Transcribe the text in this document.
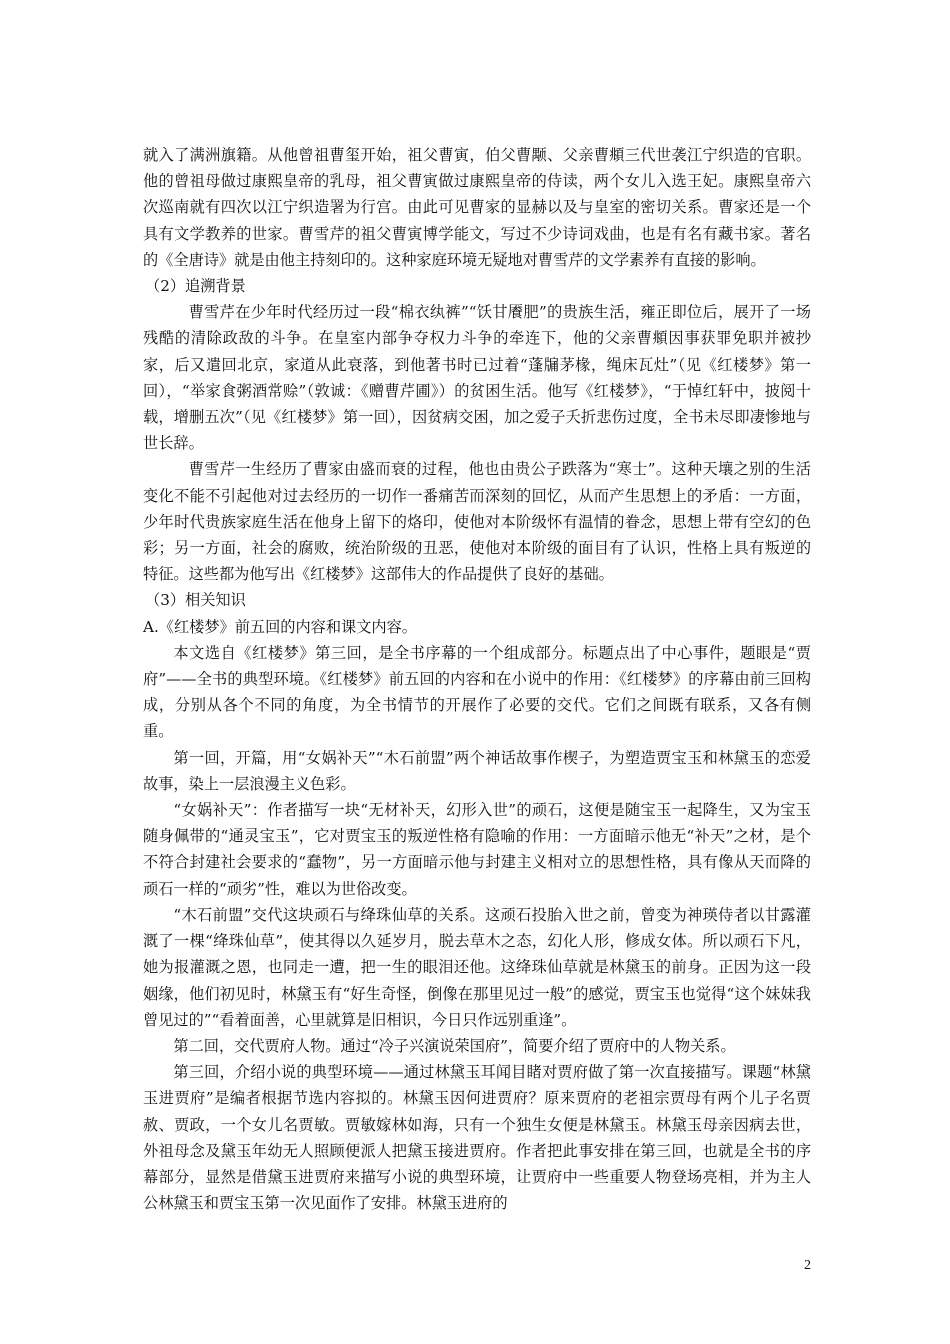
就入了满洲旗籍。从他曾祖曹玺开始，祖父曹寅，伯父曹颙、父亲曹頫三代世袭江宁织造的官职。他的曾祖母做过康熙皇帝的乳母，祖父曹寅做过康熙皇帝的侍读，两个女儿入选王妃。康熙皇帝六次巡南就有四次以江宁织造署为行宫。由此可见曹家的显赫以及与皇室的密切关系。曹家还是一个具有文学教养的世家。曹雪芹的祖父曹寅博学能文，写过不少诗词戏曲，也是有名有藏书家。著名的《全唐诗》就是由他主持刻印的。这种家庭环境无疑地对曹雪芹的文学素养有直接的影响。

（2）追溯背景

曹雪芹在少年时代经历过一段“棉衣纨裤”“饫甘餍肥”的贵族生活，雍正即位后，展开了一场残酷的清除政敌的斗争。在皇室内部争夺权力斗争的牵连下，他的父亲曹頫因事获罪免职并被抄家，后又遣回北京，家道从此衰落，到他著书时已过着“蓬牖茅椽，绳床瓦灶”（见《红楼梦》第一回），“举家食粥酒常赊”（敦诚：《赠曹芹圃》）的贫困生活。他写《红楼梦》，“于悼红轩中，披阅十载，增删五次”（见《红楼梦》第一回），因贫病交困，加之爱子夭折悲伤过度，全书未尽即凄惨地与世长辞。

曹雪芹一生经历了曹家由盛而衰的过程，他也由贵公子跌落为“寒士”。这种天壤之别的生活变化不能不引起他对过去经历的一切作一番痛苦而深刻的回忆，从而产生思想上的矛盾：一方面，少年时代贵族家庭生活在他身上留下的烙印，使他对本阶级怀有温情的眷念，思想上带有空幻的色彩；另一方面，社会的腐败，统治阶级的丑恶，使他对本阶级的面目有了认识，性格上具有叛逆的特征。这些都为他写出《红楼梦》这部伟大的作品提供了良好的基础。

（3）相关知识

A.《红楼梦》前五回的内容和课文内容。

本文选自《红楼梦》第三回，是全书序幕的一个组成部分。标题点出了中心事件，题眼是“贾府”——全书的典型环境。《红楼梦》前五回的内容和在小说中的作用：《红楼梦》的序幕由前三回构成，分别从各个不同的角度，为全书情节的开展作了必要的交代。它们之间既有联系，又各有侧重。

第一回，开篇，用“女娲补天”“木石前盟”两个神话故事作楔子，为塑造贾宝玉和林黛玉的恋爱故事，染上一层浪漫主义色彩。

“女娲补天”：作者描写一块“无材补天，幻形入世”的顽石，这便是随宝玉一起降生，又为宝玉随身佩带的“通灵宝玉”，它对贾宝玉的叛逆性格有隐喻的作用：一方面暗示他无“补天”之材，是个不符合封建社会要求的“蠢物”，另一方面暗示他与封建主义相对立的思想性格，具有像从天而降的顽石一样的“顽劣”性，难以为世俗改变。

“木石前盟”交代这块顽石与绛珠仙草的关系。这顽石投胎入世之前，曾变为神瑛侍者以甘露灌溉了一棵“绛珠仙草”，使其得以久延岁月，脱去草木之态，幻化人形，修成女体。所以顽石下凡，她为报灌溉之恩，也同走一遭，把一生的眼泪还他。这绛珠仙草就是林黛玉的前身。正因为这一段姻缘，他们初见时，林黛玉有“好生奇怪，倒像在那里见过一般”的感觉，贾宝玉也觉得“这个妹妹我曾见过的”“看着面善，心里就算是旧相识，今日只作远别重逢”。

第二回，交代贾府人物。通过“冷子兴演说荣国府”，简要介绍了贾府中的人物关系。

第三回，介绍小说的典型环境——通过林黛玉耳闻目睹对贾府做了第一次直接描写。课题“林黛玉进贾府”是编者根据节选内容拟的。林黛玉因何进贾府？原来贾府的老祖宗贾母有两个儿子名贾赦、贾政，一个女儿名贾敏。贾敏嫁林如海，只有一个独生女便是林黛玉。林黛玉母亲因病去世，外祖母念及黛玉年幼无人照顾便派人把黛玉接进贾府。作者把此事安排在第三回，也就是全书的序幕部分，显然是借黛玉进贾府来描写小说的典型环境，让贾府中一些重要人物登场亮相，并为主人公林黛玉和贾宝玉第一次见面作了安排。林黛玉进府的

2
